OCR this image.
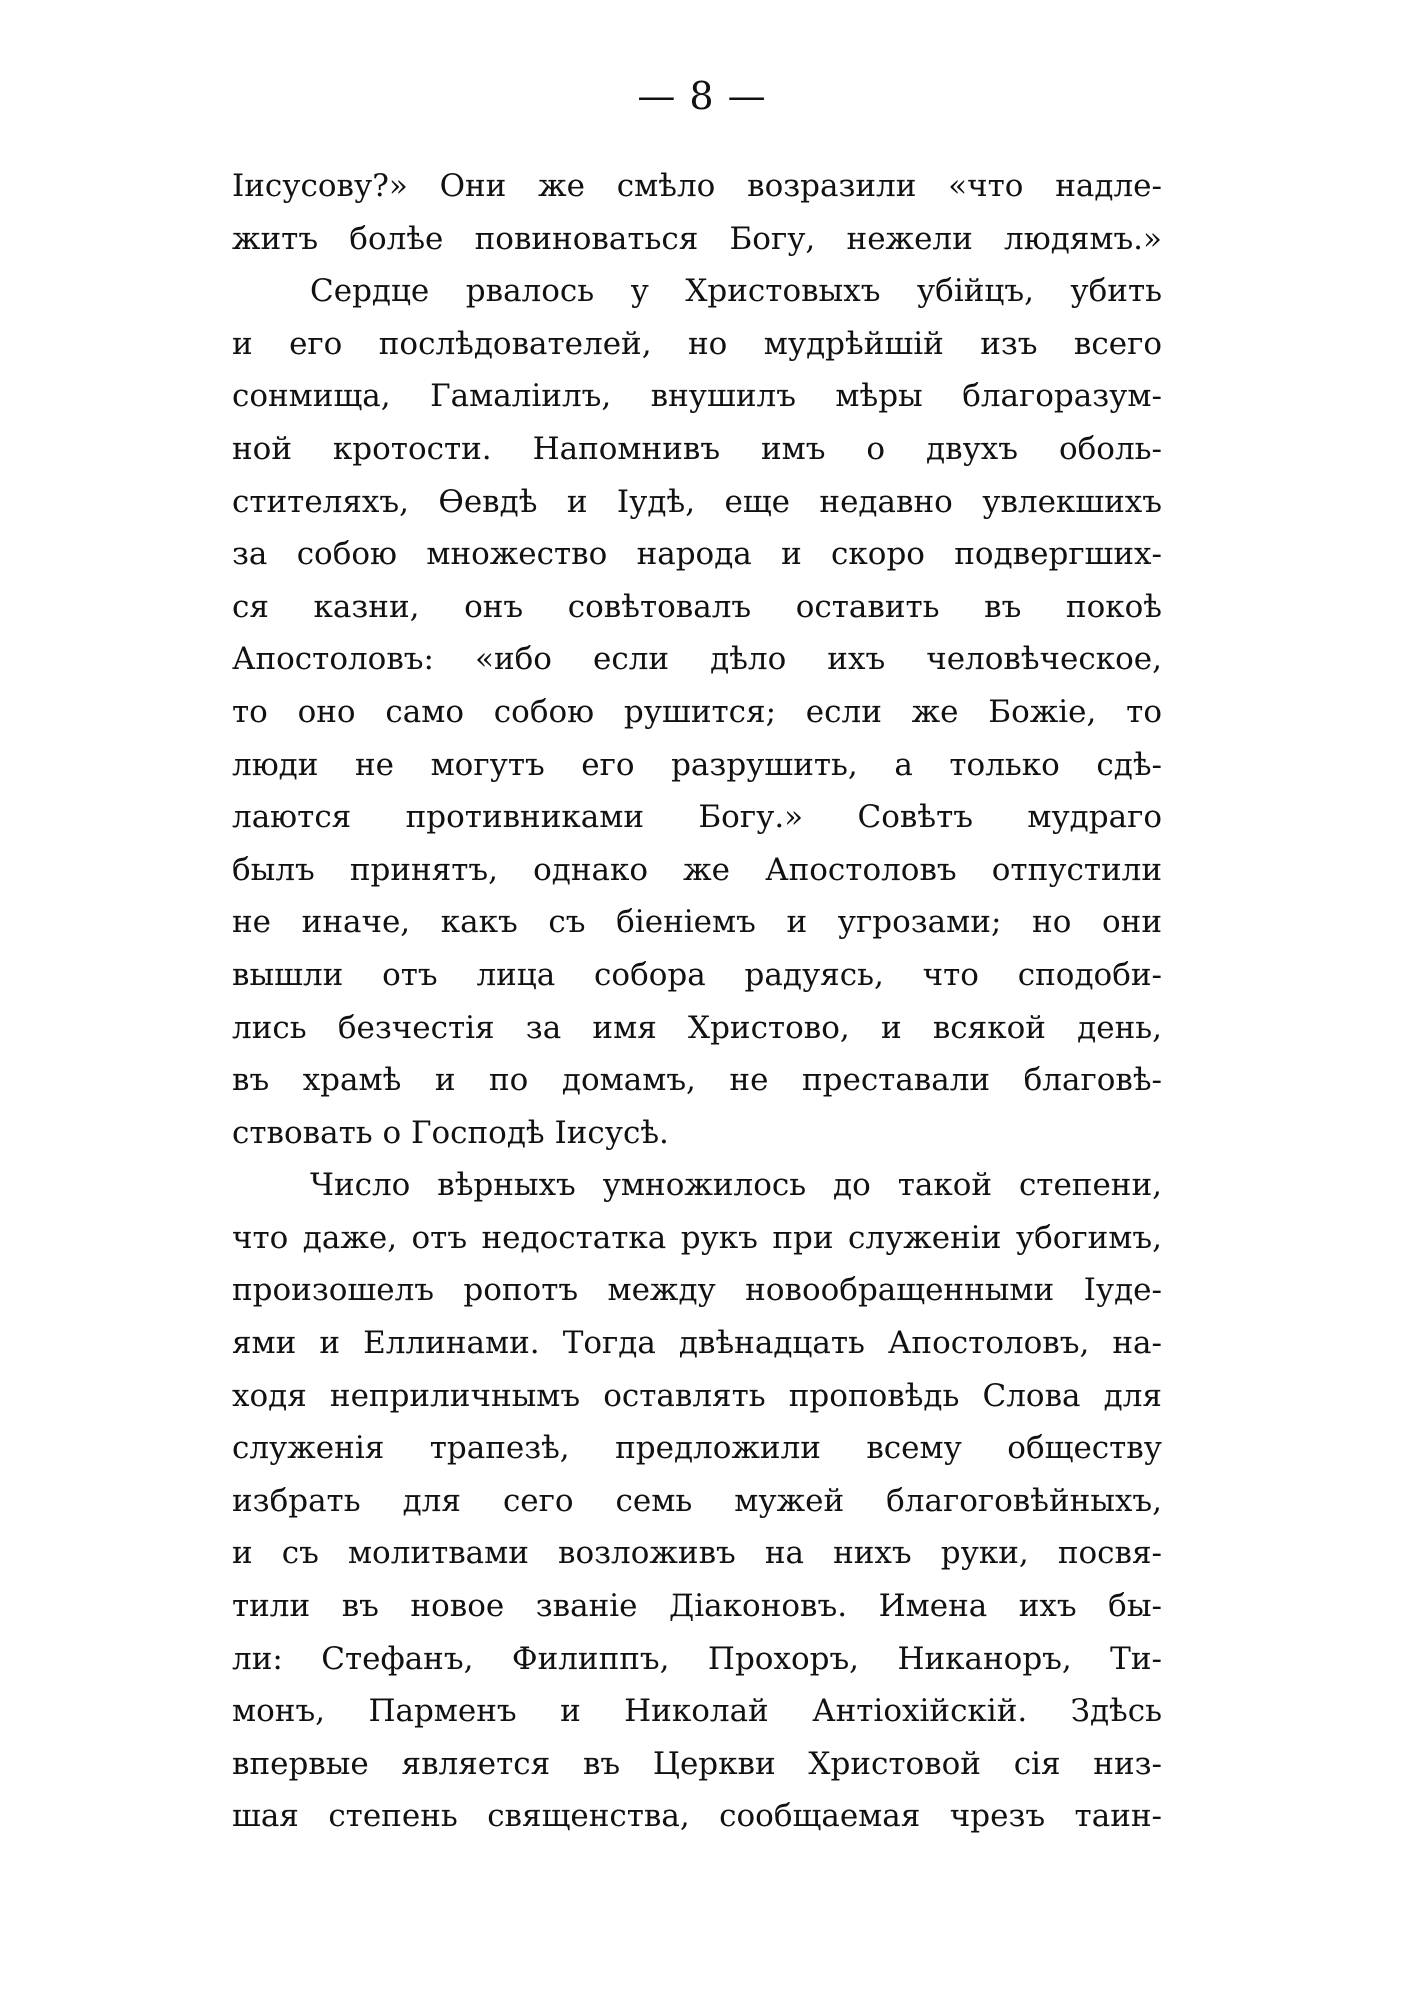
— 8 —
Іисусову?» Они же смѣло возразили «что надле-
житъ болѣе повиноваться Богу, нежели людямъ.»
Сердце рвалось у Христовыхъ убійцъ, убить
и его послѣдователей, но мудрѣйшій изъ всего
сонмища, Гамаліилъ, внушилъ мѣры благоразум-
ной кротости. Напомнивъ имъ о двухъ оболь-
стителяхъ, Ѳевдѣ и Іудѣ, еще недавно увлекшихъ
за собою множество народа и скоро подвергших-
ся казни, онъ совѣтовалъ оставить въ покоѣ
Апостоловъ: «ибо если дѣло ихъ человѣческое,
то оно само собою рушится; если же Божіе, то
люди не могутъ его разрушить, а только сдѣ-
лаются противниками Богу.» Совѣтъ мудраго
былъ принятъ, однако же Апостоловъ отпустили
не иначе, какъ съ біеніемъ и угрозами; но они
вышли отъ лица собора радуясь, что сподоби-
лись безчестія за имя Христово, и всякой день,
въ храмѣ и по домамъ, не преставали благовѣ-
ствовать о Господѣ Іисусѣ.
Число вѣрныхъ умножилось до такой степени,
что даже, отъ недостатка рукъ при служеніи убогимъ,
произошелъ ропотъ между новообращенными Іуде-
ями и Еллинами. Тогда двѣнадцать Апостоловъ, на-
ходя неприличнымъ оставлять проповѣдь Слова для
служенія трапезѣ, предложили всему обществу
избрать для сего семь мужей благоговѣйныхъ,
и съ молитвами возложивъ на нихъ руки, посвя-
тили въ новое званіе Діаконовъ. Имена ихъ бы-
ли: Стефанъ, Филиппъ, Прохоръ, Никаноръ, Ти-
монъ, Парменъ и Николай Антіохійскій. Здѣсь
впервые является въ Церкви Христовой сія низ-
шая степень священства, сообщаемая чрезъ таин-
